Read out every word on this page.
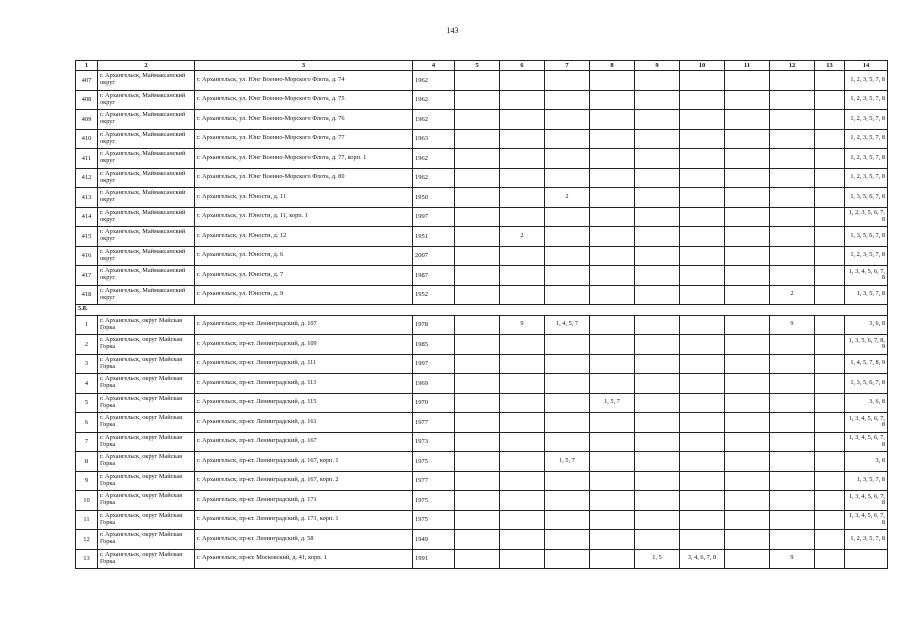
143
1	2	3	4	5	6	7	8	9	10	11	12	13	14
407	г. Архангельск, Маймаксанский округ	г. Архангельск, ул. Юнг Военно-Морского Флота, д. 74	1962										1, 2, 3, 5, 7, 8
408	г. Архангельск, Маймаксанский округ	г. Архангельск, ул. Юнг Военно-Морского Флота, д. 75	1962										1, 2, 3, 5, 7, 8
409	г. Архангельск, Маймаксанский округ	г. Архангельск, ул. Юнг Военно-Морского Флота, д. 76	1962										1, 2, 3, 5, 7, 8
410	г. Архангельск, Маймаксанский округ	г. Архангельск, ул. Юнг Военно-Морского Флота, д. 77	1963										1, 2, 3, 5, 7, 8
411	г. Архангельск, Маймаксанский округ	г. Архангельск, ул. Юнг Военно-Морского Флота, д. 77, корп. 1	1962										1, 2, 3, 5, 7, 8
412	г. Архангельск, Маймаксанский округ	г. Архангельск, ул. Юнг Военно-Морского Флота, д. 80	1962										1, 2, 3, 5, 7, 8
413	г. Архангельск, Маймаксанский округ	г. Архангельск, ул. Юности, д. 11	1950			2							1, 3, 5, 6, 7, 8
414	г. Архангельск, Маймаксанский округ	г. Архангельск, ул. Юности, д. 11, корп. 1	1997										1, 2, 3, 5, 6, 7, 8
415	г. Архангельск, Маймаксанский округ	г. Архангельск, ул. Юности, д. 12	1951		2								1, 3, 5, 6, 7, 8
416	г. Архангельск, Маймаксанский округ	г. Архангельск, ул. Юности, д. 6	2007										1, 2, 3, 5, 7, 8
417	г. Архангельск, Маймаксанский округ	г. Архангельск, ул. Юности, д. 7	1987										1, 3, 4, 5, 6, 7, 8
418	г. Архангельск, Маймаксанский округ	г. Архангельск, ул. Юности, д. 9	1952								2		1, 3, 5, 7, 8
5.8.													
1	г. Архангельск, округ Майская Горка	г. Архангельск, пр-кт. Ленинградский, д. 107	1978		9	1, 4, 5, 7					9		3, 6, 8
2	г. Архангельск, округ Майская Горка	г. Архангельск, пр-кт. Ленинградский, д. 109	1985										1, 3, 5, 6, 7, 8, 9
3	г. Архангельск, округ Майская Горка	г. Архангельск, пр-кт. Ленинградский, д. 111	1997										1, 4, 5, 7, 8, 9
4	г. Архангельск, округ Майская Горка	г. Архангельск, пр-кт. Ленинградский, д. 113	1969										1, 3, 5, 6, 7, 8
5	г. Архангельск, округ Майская Горка	г. Архангельск, пр-кт. Ленинградский, д. 115	1970				1, 5, 7						3, 6, 8
6	г. Архангельск, округ Майская Горка	г. Архангельск, пр-кт. Ленинградский, д. 161	1977										1, 3, 4, 5, 6, 7, 8
7	г. Архангельск, округ Майская Горка	г. Архангельск, пр-кт. Ленинградский, д. 167	1973										1, 3, 4, 5, 6, 7, 8
8	г. Архангельск, округ Майская Горка	г. Архангельск, пр-кт. Ленинградский, д. 167, корп. 1	1975			1, 5, 7							3, 8
9	г. Архангельск, округ Майская Горка	г. Архангельск, пр-кт. Ленинградский, д. 167, корп. 2	1977										1, 3, 5, 7, 8
10	г. Архангельск, округ Майская Горка	г. Архангельск, пр-кт. Ленинградский, д. 171	1975										1, 3, 4, 5, 6, 7, 8
11	г. Архангельск, округ Майская Горка	г. Архангельск, пр-кт. Ленинградский, д. 171, корп. 1	1975										1, 3, 4, 5, 6, 7, 8
12	г. Архангельск, округ Майская Горка	г. Архангельск, пр-кт. Ленинградский, д. 58	1949										1, 2, 3, 5, 7, 8
13	г. Архангельск, округ Майская Горка	г. Архангельск, пр-кт. Московский, д. 41, корп. 1	1991					1, 5	3, 4, 6, 7, 8		9		
